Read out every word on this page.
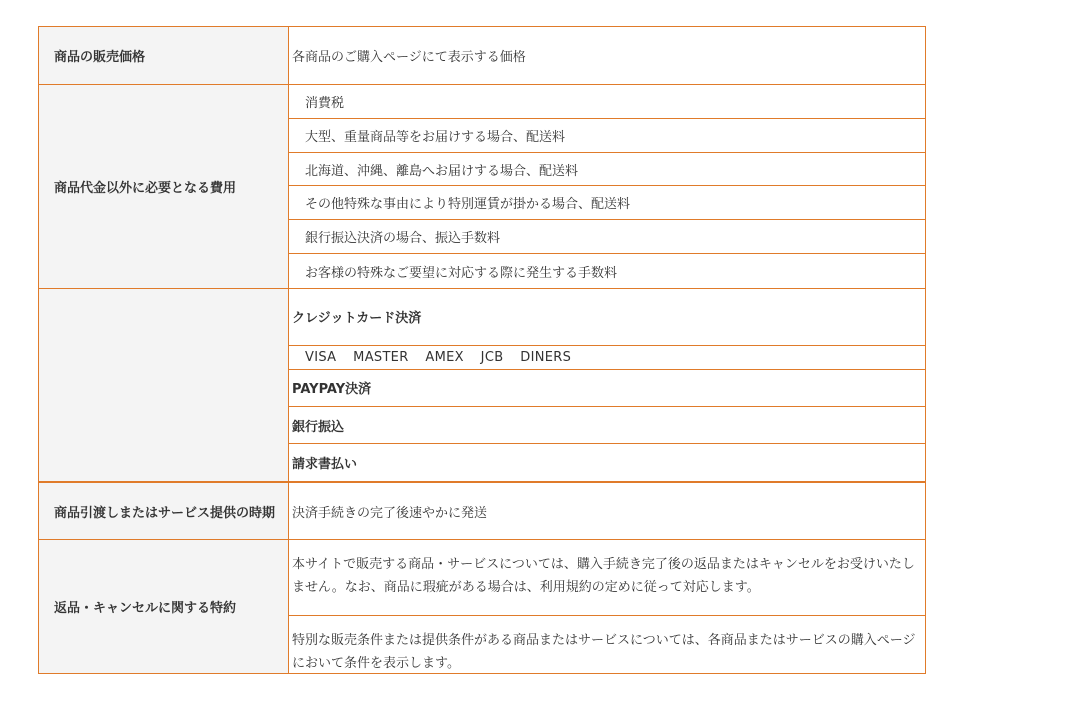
商品の販売価格	各商品のご購入ページにて表示する価格
商品代金以外に必要となる費用
消費税
大型、重量商品等をお届けする場合、配送料
北海道、沖縄、離島へお届けする場合、配送料
その他特殊な事由により特別運賃が掛かる場合、配送料
銀行振込決済の場合、振込手数料
お客様の特殊なご要望に対応する際に発生する手数料
クレジットカード決済
VISA  MASTER  AMEX  JCB  DINERS
PAYPAY決済
銀行振込
請求書払い
商品引渡しまたはサービス提供の時期	決済手続きの完了後速やかに発送
返品・キャンセルに関する特約
本サイトで販売する商品・サービスについては、購入手続き完了後の返品またはキャンセルをお受けいたしません。なお、商品に瑕疵がある場合は、利用規約の定めに従って対応します。
特別な販売条件または提供条件がある商品またはサービスについては、各商品またはサービスの購入ページにおいて条件を表示します。
